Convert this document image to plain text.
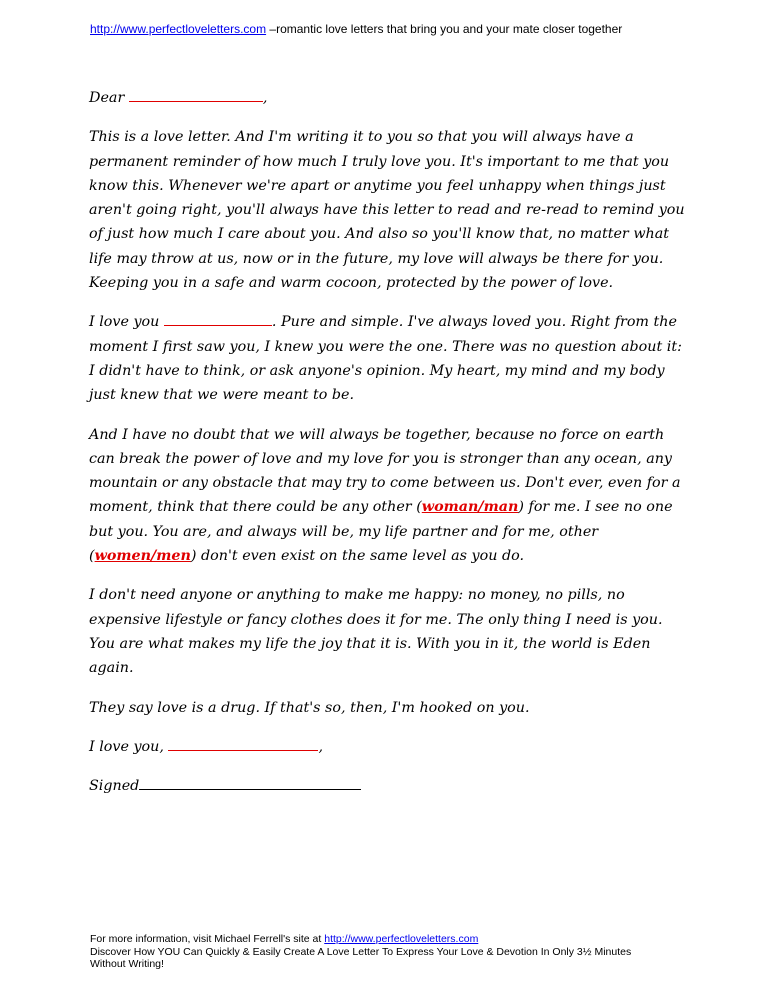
http://www.perfectloveletters.com –romantic love letters that bring you and your mate closer together

Dear	,

This is a love letter. And I'm writing it to you so that you will always have a permanent reminder of how much I truly love you. It's important to me that you know this. Whenever we're apart or anytime you feel unhappy when things just aren't going right, you'll always have this letter to read and re-read to remind you of just how much I care about you. And also so you'll know that, no matter what life may throw at us, now or in the future, my love will always be there for you. Keeping you in a safe and warm cocoon, protected by the power of love.

I love you	. Pure and simple. I've always loved you. Right from the moment I first saw you, I knew you were the one. There was no question about it: I didn't have to think, or ask anyone's opinion. My heart, my mind and my body just knew that we were meant to be.

And I have no doubt that we will always be together, because no force on earth can break the power of love and my love for you is stronger than any ocean, any mountain or any obstacle that may try to come between us. Don't ever, even for a moment, think that there could be any other (woman/man) for me. I see no one but you. You are, and always will be, my life partner and for me, other (women/men) don't even exist on the same level as you do.

I don't need anyone or anything to make me happy: no money, no pills, no expensive lifestyle or fancy clothes does it for me. The only thing I need is you. You are what makes my life the joy that it is. With you in it, the world is Eden again.

They say love is a drug. If that's so, then, I'm hooked on you.

I love you,	,

Signed

For more information, visit Michael Ferrell's site at http://www.perfectloveletters.com
Discover How YOU Can Quickly & Easily Create A Love Letter To Express Your Love & Devotion In Only 3½ Minutes
Without Writing!
